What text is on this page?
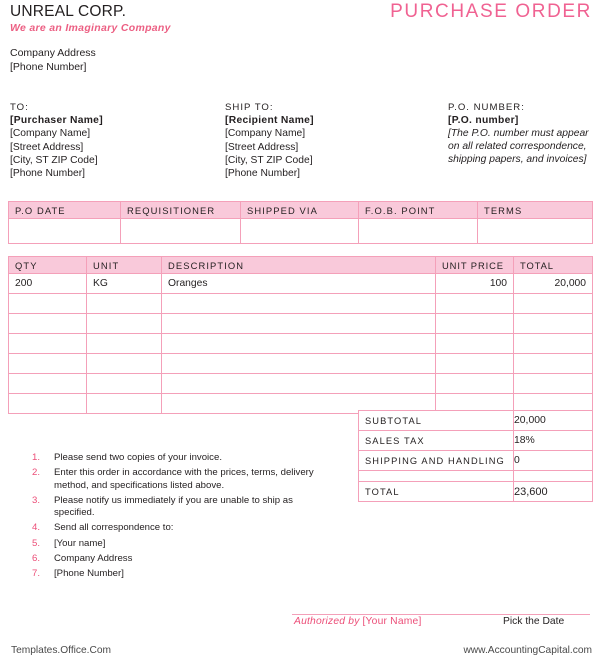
UNREAL CORP.
We are an Imaginary Company
Company Address
[Phone Number]
PURCHASE ORDER
TO:
[Purchaser Name]
[Company Name]
[Street Address]
[City, ST ZIP Code]
[Phone Number]
SHIP TO:
[Recipient Name]
[Company Name]
[Street Address]
[City, ST ZIP Code]
[Phone Number]
P.O. NUMBER:
[P.O. number]
[The P.O. number must appear on all related correspondence, shipping papers, and invoices]
P.O DATE	REQUISITIONER	SHIPPED VIA	F.O.B. POINT	TERMS

QTY	UNIT	DESCRIPTION	UNIT PRICE	TOTAL
200	KG	Oranges	100	20,000

SUBTOTAL	20,000
SALES TAX	18%
SHIPPING AND HANDLING	0

TOTAL	23,600
1.	Please send two copies of your invoice.
2.	Enter this order in accordance with the prices, terms, delivery method, and specifications listed above.
3.	Please notify us immediately if you are unable to ship as specified.
4.	Send all correspondence to:
5.	[Your name]
6.	Company Address
7.	[Phone Number]
Authorized by [Your Name]	Pick the Date
Templates.Office.Com	www.AccountingCapital.com
